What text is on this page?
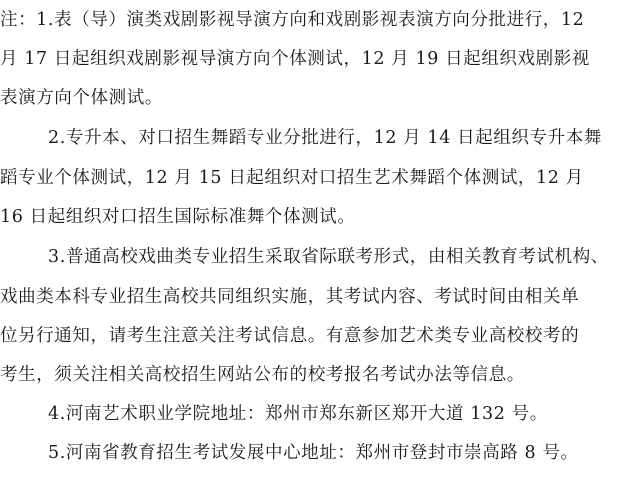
注：1.表（导）演类戏剧影视导演方向和戏剧影视表演方向分批进行，12
月 17 日起组织戏剧影视导演方向个体测试，12 月 19 日起组织戏剧影视
表演方向个体测试。
2.专升本、对口招生舞蹈专业分批进行，12 月 14 日起组织专升本舞
蹈专业个体测试，12 月 15 日起组织对口招生艺术舞蹈个体测试，12 月
16 日起组织对口招生国际标准舞个体测试。
3.普通高校戏曲类专业招生采取省际联考形式，由相关教育考试机构、
戏曲类本科专业招生高校共同组织实施，其考试内容、考试时间由相关单
位另行通知，请考生注意关注考试信息。有意参加艺术类专业高校校考的
考生，须关注相关高校招生网站公布的校考报名考试办法等信息。
4.河南艺术职业学院地址：郑州市郑东新区郑开大道 132 号。
5.河南省教育招生考试发展中心地址：郑州市登封市崇高路 8 号。
